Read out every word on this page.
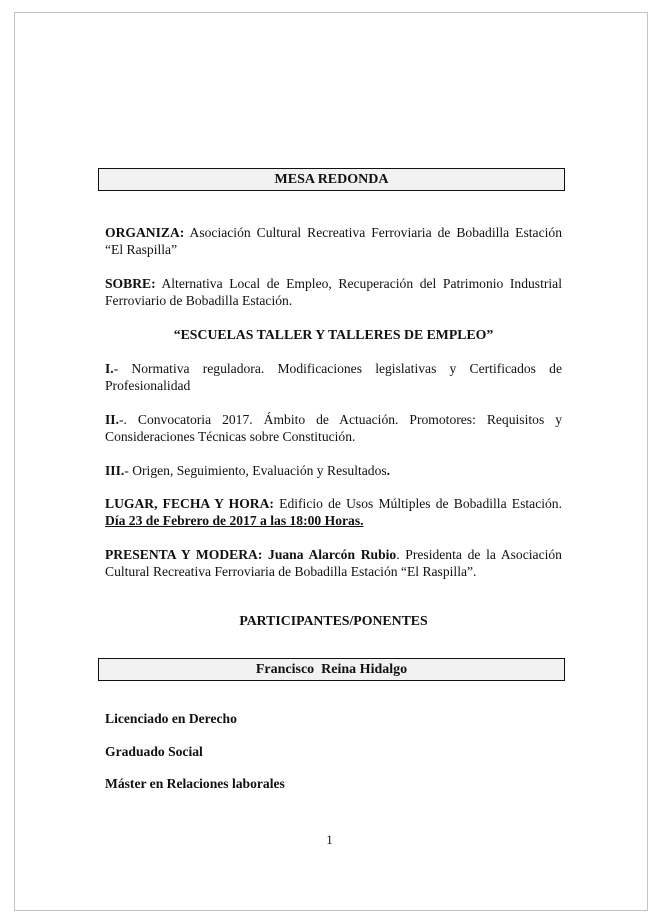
MESA REDONDA

ORGANIZA: Asociación Cultural Recreativa Ferroviaria de Bobadilla Estación “El Raspilla”

SOBRE: Alternativa Local de Empleo, Recuperación del Patrimonio Industrial Ferroviario de Bobadilla Estación.

“ESCUELAS TALLER Y TALLERES DE EMPLEO”

I.- Normativa reguladora. Modificaciones legislativas y Certificados de Profesionalidad

II.-. Convocatoria 2017. Ámbito de Actuación. Promotores: Requisitos y Consideraciones Técnicas sobre Constitución.

III.- Origen, Seguimiento, Evaluación y Resultados.

LUGAR, FECHA Y HORA: Edificio de Usos Múltiples de Bobadilla Estación. Día 23 de Febrero de 2017 a las 18:00 Horas.

PRESENTA Y MODERA: Juana Alarcón Rubio. Presidenta de la Asociación Cultural Recreativa Ferroviaria de Bobadilla Estación “El Raspilla”.

PARTICIPANTES/PONENTES

Francisco  Reina Hidalgo

Licenciado en Derecho

Graduado Social

Máster en Relaciones laborales

1
